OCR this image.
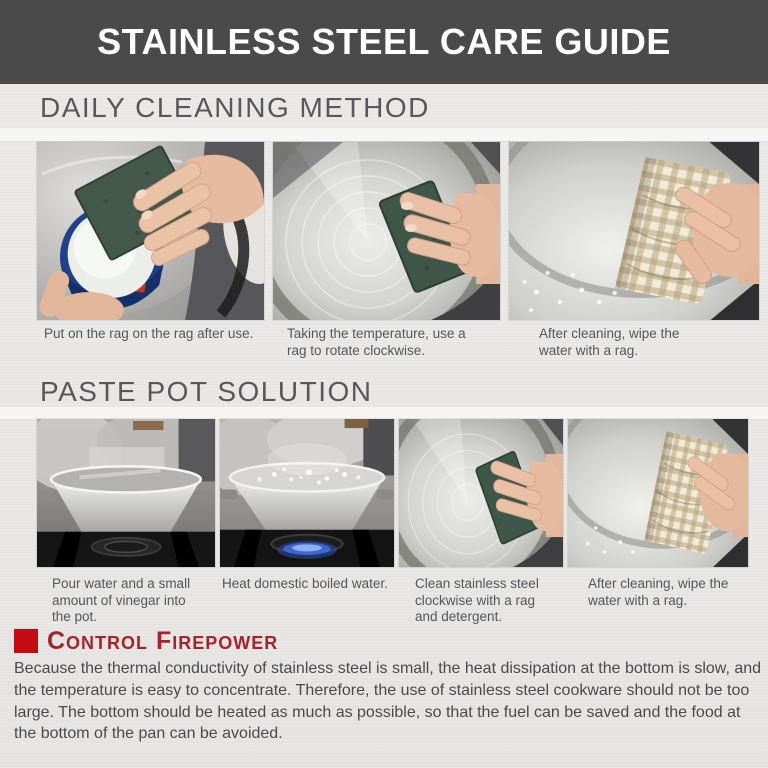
STAINLESS STEEL CARE GUIDE
DAILY CLEANING METHOD
Put on the rag on the rag after use.	Taking the temperature, use a rag to rotate clockwise.
After cleaning, wipe the water with a rag.
PASTE POT SOLUTION
Pour water and a small amount of vinegar into the pot.
Heat domestic boiled water.	Clean stainless steel clockwise with a rag and detergent.
After cleaning, wipe the water with a rag.
Control Firepower
Because the thermal conductivity of stainless steel is small, the heat dissipation at the bottom is slow, and the temperature is easy to concentrate. Therefore, the use of stainless steel cookware should not be too large. The bottom should be heated as much as possible, so that the fuel can be saved and the food at the bottom of the pan can be avoided.
